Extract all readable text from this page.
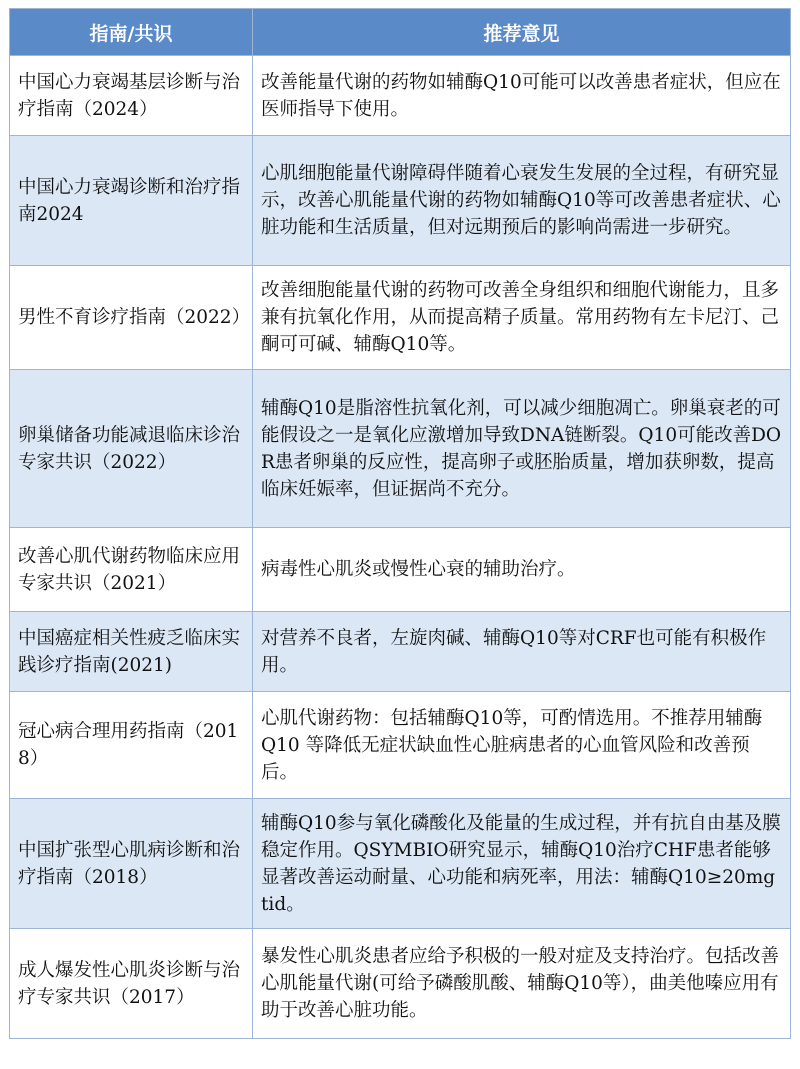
指南/共识	推荐意见
中国心力衰竭基层诊断与治疗指南（2024）	改善能量代谢的药物如辅酶Q10可能可以改善患者症状，但应在医师指导下使用。
中国心力衰竭诊断和治疗指南2024	心肌细胞能量代谢障碍伴随着心衰发生发展的全过程，有研究显示，改善心肌能量代谢的药物如辅酶Q10等可改善患者症状、心脏功能和生活质量，但对远期预后的影响尚需进一步研究。
男性不育诊疗指南（2022）	改善细胞能量代谢的药物可改善全身组织和细胞代谢能力，且多兼有抗氧化作用，从而提高精子质量。常用药物有左卡尼汀、己酮可可碱、辅酶Q10等。
卵巢储备功能减退临床诊治专家共识（2022）	辅酶Q10是脂溶性抗氧化剂，可以减少细胞凋亡。卵巢衰老的可能假设之一是氧化应激增加导致DNA链断裂。Q10可能改善DOR患者卵巢的反应性，提高卵子或胚胎质量，增加获卵数，提高临床妊娠率，但证据尚不充分。
改善心肌代谢药物临床应用专家共识（2021）	病毒性心肌炎或慢性心衰的辅助治疗。
中国癌症相关性疲乏临床实践诊疗指南(2021)	对营养不良者，左旋肉碱、辅酶Q10等对CRF也可能有积极作用。
冠心病合理用药指南（2018）	心肌代谢药物：包括辅酶Q10等，可酌情选用。不推荐用辅酶 Q10 等降低无症状缺血性心脏病患者的心血管风险和改善预后。
中国扩张型心肌病诊断和治疗指南（2018）	辅酶Q10参与氧化磷酸化及能量的生成过程，并有抗自由基及膜稳定作用。QSYMBIO研究显示，辅酶Q10治疗CHF患者能够显著改善运动耐量、心功能和病死率，用法：辅酶Q10≥20mg tid。
成人爆发性心肌炎诊断与治疗专家共识（2017）	暴发性心肌炎患者应给予积极的一般对症及支持治疗。包括改善心肌能量代谢(可给予磷酸肌酸、辅酶Q10等），曲美他嗪应用有助于改善心脏功能。
